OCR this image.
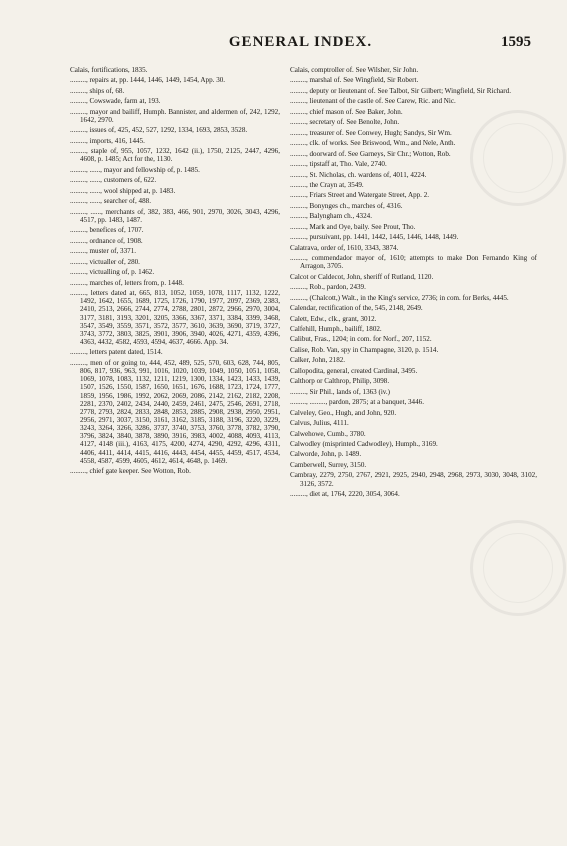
GENERAL INDEX.	1595

Calais, fortifications, 1835.

........., repairs at, pp. 1444, 1446, 1449, 1454, App. 30.

........., ships of, 68.

........., Cowswade, farm at, 193.

........., mayor and bailiff, Humph. Bannister, and aldermen of, 242, 1292, 1642, 2970.

........., issues of, 425, 452, 527, 1292, 1334, 1693, 2853, 3528.

........., imports, 416, 1445.

........., staple of, 955, 1057, 1232, 1642 (ii.), 1750, 2125, 2447, 4296, 4608, p. 1485; Act for the, 1130.

........., ......, mayor and fellowship of, p. 1485.

........., ......, customers of, 622.

........., ......, wool shipped at, p. 1483.

........., ......, searcher of, 488.

........., ......, merchants of, 382, 383, 466, 901, 2970, 3026, 3043, 4296, 4517, pp. 1483, 1487.

........., benefices of, 1707.

........., ordnance of, 1908.

........., muster of, 3371.

........., victualler of, 280.

........., victualling of, p. 1462.

........., marches of, letters from, p. 1448.

........., letters dated at, 665, 813, 1052, 1059, 1078, 1117, 1132, 1222, 1492, 1642, 1655, 1689, 1725, 1726, 1790, 1977, 2097, 2369, 2383, 2410, 2513, 2666, 2744, 2774, 2788, 2801, 2872, 2966, 2970, 3004, 3177, 3181, 3193, 3201, 3205, 3366, 3367, 3371, 3384, 3399, 3468, 3547, 3549, 3559, 3571, 3572, 3577, 3610, 3639, 3690, 3719, 3727, 3743, 3772, 3803, 3825, 3901, 3906, 3940, 4026, 4271, 4359, 4396, 4363, 4432, 4582, 4593, 4594, 4637, 4666. App. 34.

........., letters patent dated, 1514.

........., men of or going to, 444, 452, 489, 525, 570, 603, 628, 744, 805, 806, 817, 936, 963, 991, 1016, 1020, 1039, 1049, 1050, 1051, 1058, 1069, 1078, 1083, 1132, 1211, 1219, 1300, 1334, 1423, 1433, 1439, 1507, 1526, 1550, 1587, 1650, 1651, 1676, 1688, 1723, 1724, 1777, 1859, 1956, 1986, 1992, 2062, 2069, 2086, 2142, 2162, 2182, 2208, 2281, 2370, 2402, 2434, 2440, 2459, 2461, 2475, 2546, 2691, 2718, 2778, 2793, 2824, 2833, 2848, 2853, 2885, 2908, 2938, 2950, 2951, 2956, 2971, 3037, 3150, 3161, 3162, 3185, 3188, 3196, 3220, 3229, 3243, 3264, 3266, 3286, 3737, 3740, 3753, 3760, 3778, 3782, 3790, 3796, 3824, 3840, 3878, 3890, 3916, 3983, 4002, 4088, 4093, 4113, 4127, 4148 (iii.), 4163, 4175, 4200, 4274, 4290, 4292, 4296, 4311, 4406, 4411, 4414, 4415, 4416, 4443, 4454, 4455, 4459, 4517, 4534, 4558, 4587, 4599, 4605, 4612, 4614, 4648, p. 1469.

........., chief gate keeper. See Wotton, Rob.

Calais, comptroller of. See Wilsher, Sir John.

........., marshal of. See Wingfield, Sir Robert.

........., deputy or lieutenant of. See Talbot, Sir Gilbert; Wingfield, Sir Richard.

........., lieutenant of the castle of. See Carew, Ric. and Nic.

........., chief mason of. See Baker, John.

........., secretary of. See Benolte, John.

........., treasurer of. See Conwey, Hugh; Sandys, Sir Wm.

........., clk. of works. See Briswood, Wm., and Nele, Anth.

........., doorward of. See Garneys, Sir Chr.; Wotton, Rob.

........., tipstaff at, Tho. Vale, 2740.

........., St. Nicholas, ch. wardens of, 4011, 4224.

........., the Crayn at, 3549.

........., Friars Street and Watergate Street, App. 2.

........., Bonynges ch., marches of, 4316.

........., Balyngham ch., 4324.

........., Mark and Oye, baily. See Prout, Tho.

........., pursuivant, pp. 1441, 1442, 1445, 1446, 1448, 1449.

Calatrava, order of, 1610, 3343, 3874.

........., commendador mayor of, 1610; attempts to make Don Fernando King of Arragon, 3705.

Calcot or Caldecot, John, sheriff of Rutland, 1120.

........., Rob., pardon, 2439.

........., (Chalcott,) Walt., in the King's service, 2736; in com. for Berks, 4445.

Calendar, rectification of the, 545, 2148, 2649.

Calett, Edw., clk., grant, 3012.

Calfehill, Humph., bailiff, 1802.

Calibut, Fras., 1204; in com. for Norf., 207, 1152.

Calise, Rob. Van, spy in Champagne, 3120, p. 1514.

Calker, John, 2182.

Callopodita, general, created Cardinal, 3495.

Calthorp or Calthrop, Philip, 3098.

........., Sir Phil., lands of, 1363 (iv.)

........., ........., pardon, 2875; at a banquet, 3446.

Calveley, Geo., Hugh, and John, 920.

Calvus, Julius, 4111.

Calwehowe, Cumb., 3780.

Calwodley (misprinted Cadwodley), Humph., 3169.

Calworde, John, p. 1489.

Camberwell, Surrey, 3150.

Cambray, 2279, 2750, 2767, 2921, 2925, 2940, 2948, 2968, 2973, 3030, 3048, 3102, 3126, 3572.

........., diet at, 1764, 2220, 3054, 3064.
